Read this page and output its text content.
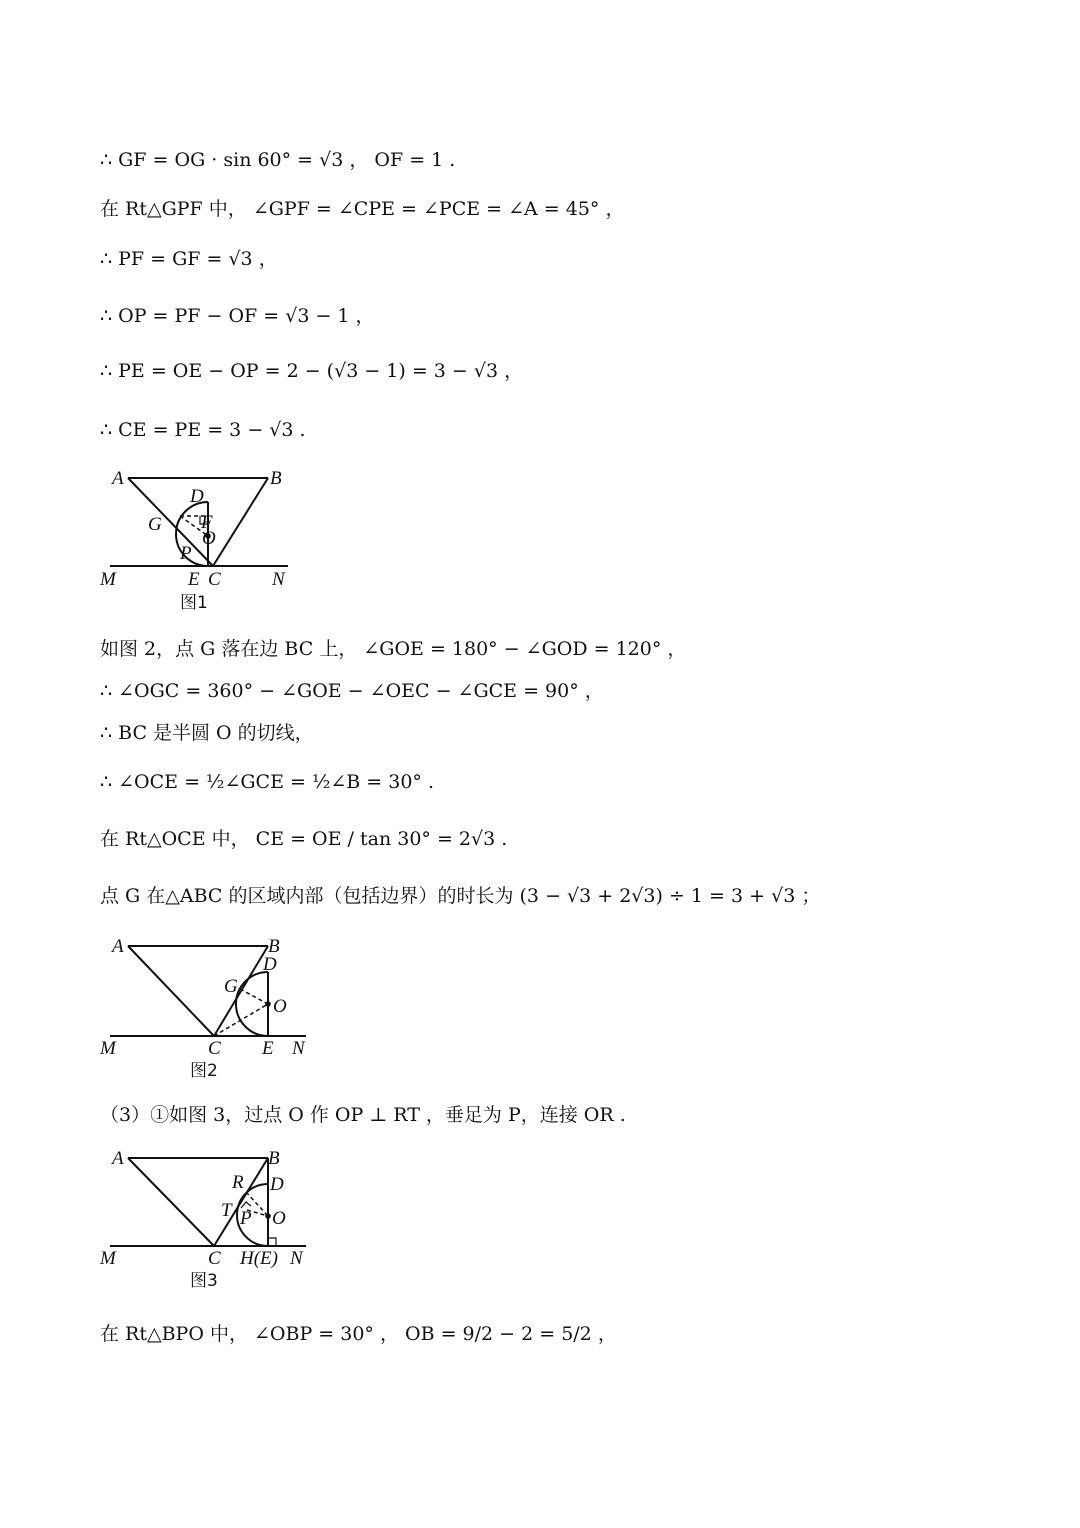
∴ GF = OG · sin 60° = √3 ， OF = 1 .
在 Rt△GPF 中， ∠GPF = ∠CPE = ∠PCE = ∠A = 45° ，
∴ PF = GF = √3 ，
∴ OP = PF − OF = √3 − 1 ，
∴ PE = OE − OP = 2 − (√3 − 1) = 3 − √3 ，
∴ CE = PE = 3 − √3 .
A	B
D
G F
O
P
M	E C	N
图1
如图 2，点 G 落在边 BC 上， ∠GOE = 180° − ∠GOD = 120° ，
∴ ∠OGC = 360° − ∠GOE − ∠OEC − ∠GCE = 90° ，
∴ BC 是半圆 O 的切线，
∴ ∠OCE = ½∠GCE = ½∠B = 30° .
在 Rt△OCE 中， CE = OE / tan 30° = 2√3 .
点 G 在△ABC 的区域内部（包括边界）的时长为 (3 − √3 + 2√3) ÷ 1 = 3 + √3 ；
A	B
D
G
O
M	C E N
图2
（3）①如图 3，过点 O 作 OP ⊥ RT ，垂足为 P，连接 OR .
A	B
R D
T P O
M	C H(E) N
图3
在 Rt△BPO 中， ∠OBP = 30° ， OB = 9/2 − 2 = 5/2 ，
